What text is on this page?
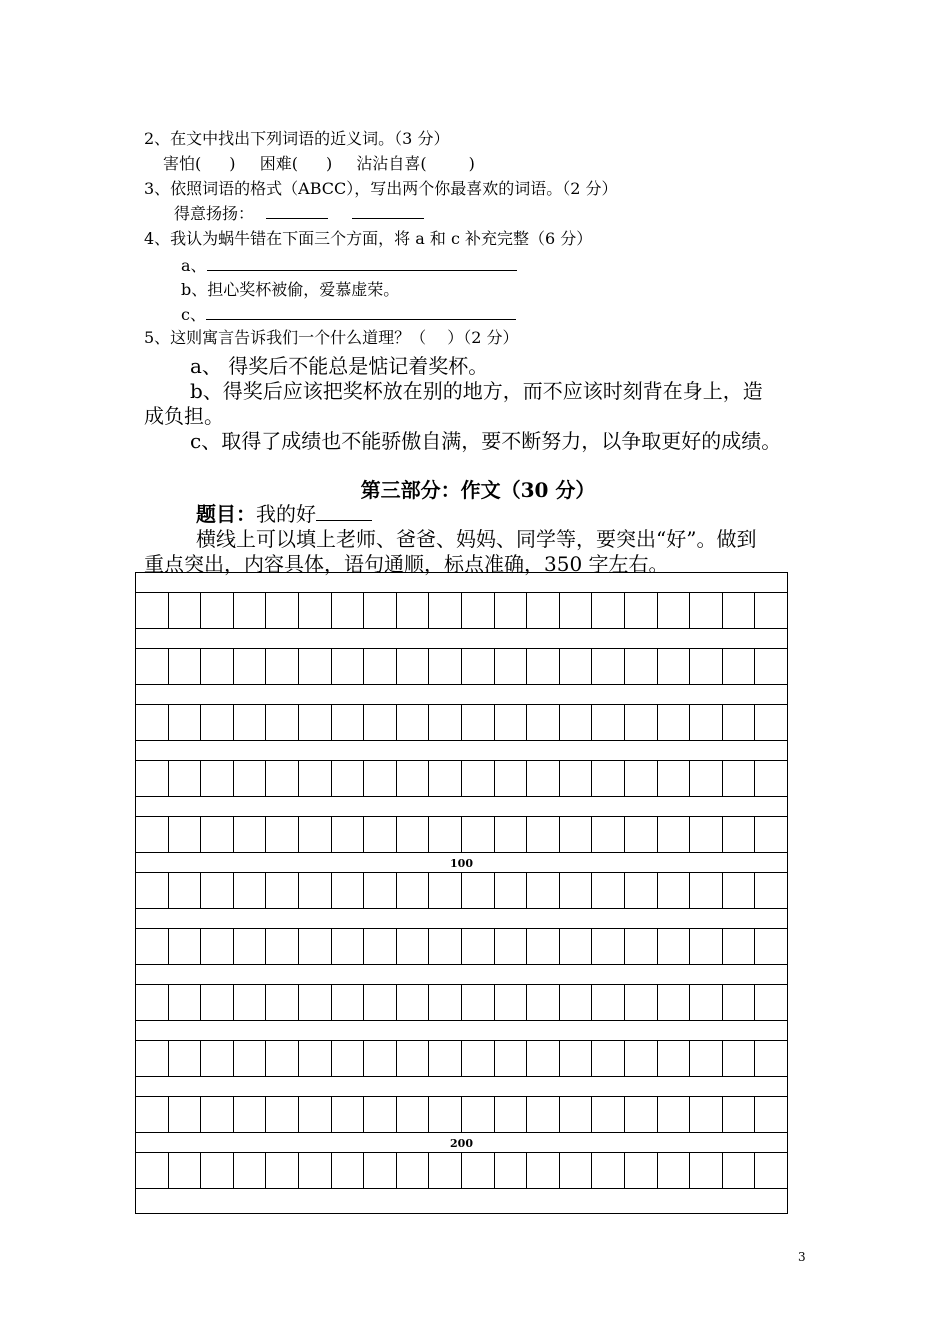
2、在文中找出下列词语的近义词。（3 分）
害怕( ) 困难( ) 沾沾自喜(	)
3、依照词语的格式（ABCC），写出两个你最喜欢的词语。（2 分）
得意扬扬：
4、我认为蜗牛错在下面三个方面，将 a 和 c 补充完整（6 分）
a、
b、担心奖杯被偷，爱慕虚荣。
c、
5、这则寓言告诉我们一个什么道理？（　 ）（2 分）
a、 得奖后不能总是惦记着奖杯。
b、得奖后应该把奖杯放在别的地方，而不应该时刻背在身上，造
成负担。
c、取得了成绩也不能骄傲自满，要不断努力，以争取更好的成绩。
第三部分：作文（30 分）
题目：我的好
横线上可以填上老师、爸爸、妈妈、同学等，要突出“好”。做到
重点突出，内容具体，语句通顺，标点准确，350 字左右。
100
200
3
